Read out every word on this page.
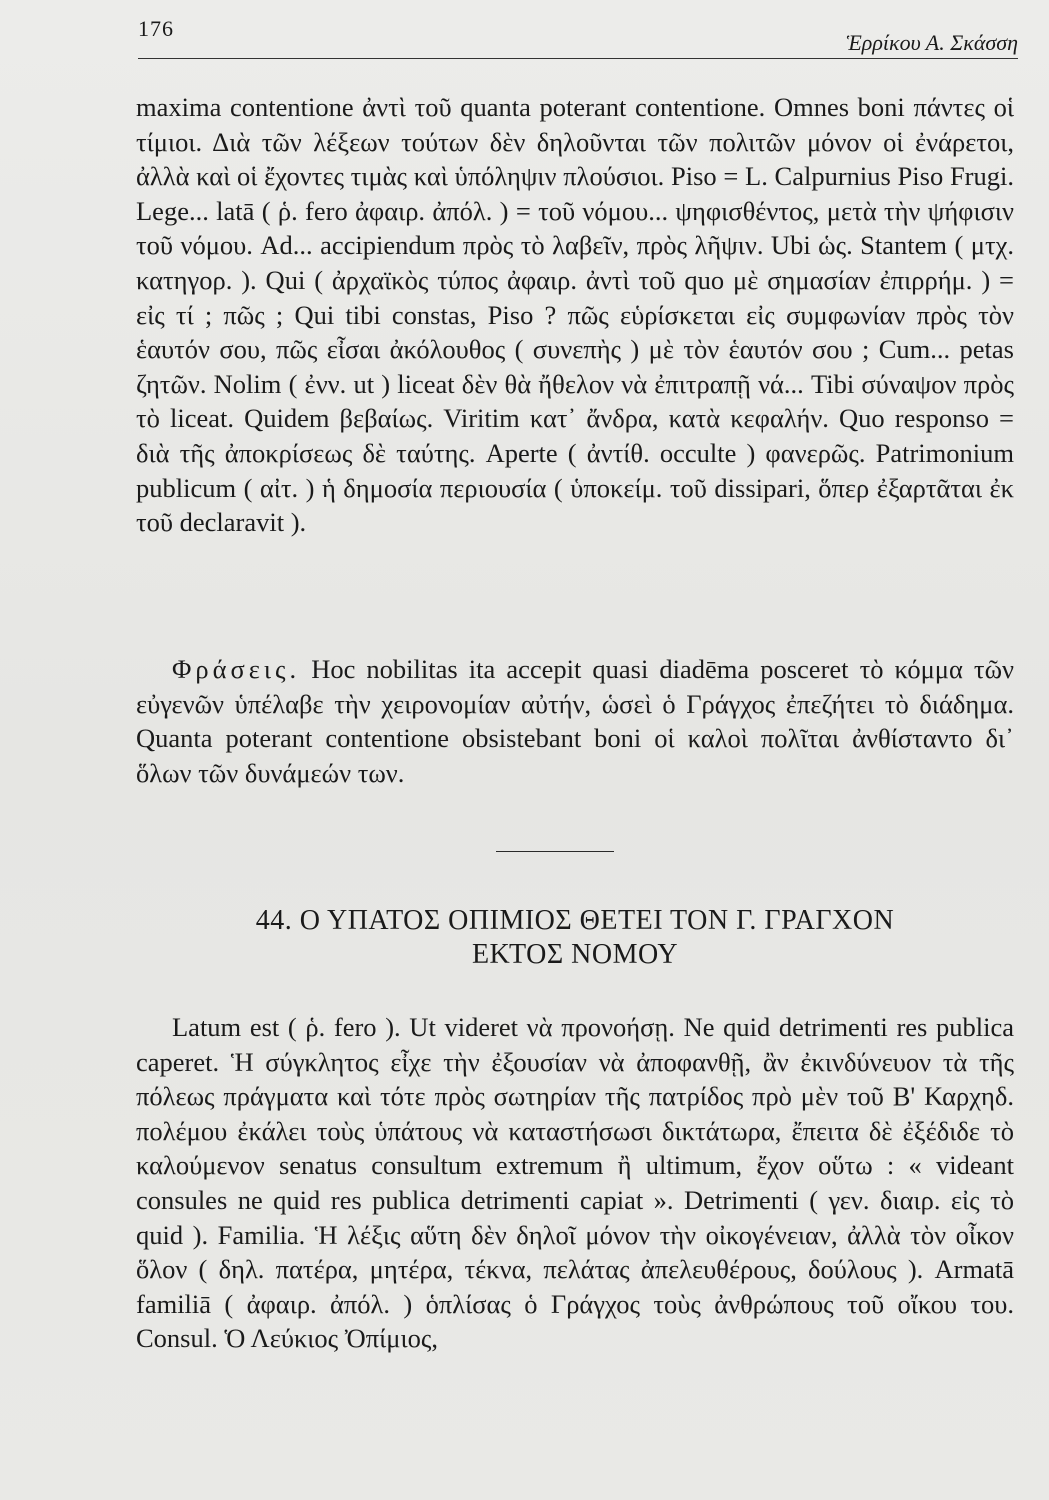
176
Ἑρρίκου Α. Σκάσση

maxima contentione ἀντὶ τοῦ quanta poterant contentione. Omnes boni πάντες οἱ τίμιοι. Διὰ τῶν λέξεων τούτων δὲν δηλοῦνται τῶν πολιτῶν μόνον οἱ ἐνάρετοι, ἀλλὰ καὶ οἱ ἔχοντες τιμὰς καὶ ὑπόληψιν πλούσιοι. Piso = L. Calpurnius Piso Frugi. Lege... latā ( ῥ. fero ἀφαιρ. ἀπόλ. ) = τοῦ νόμου... ψηφισθέντος, μετὰ τὴν ψήφισιν τοῦ νόμου. Ad... accipiendum πρὸς τὸ λαβεῖν, πρὸς λῆψιν. Ubi ὡς. Stantem ( μτχ. κατηγορ. ). Qui ( ἀρχαϊκὸς τύπος ἀφαιρ. ἀντὶ τοῦ quo μὲ σημασίαν ἐπιρρήμ. ) = εἰς τί ; πῶς ; Qui tibi constas, Piso ? πῶς εὑρίσκεται εἰς συμφωνίαν πρὸς τὸν ἑαυτόν σου, πῶς εἶσαι ἀκόλουθος ( συνεπὴς ) μὲ τὸν ἑαυτόν σου ; Cum... petas ζητῶν. Nolim ( ἐνν. ut ) liceat δὲν θὰ ἤθελον νὰ ἐπιτραπῇ νά... Tibi σύναψον πρὸς τὸ liceat. Quidem βεβαίως. Viritim κατ᾽ ἄνδρα, κατὰ κεφαλήν. Quo responso = διὰ τῆς ἀποκρίσεως δὲ ταύτης. Aperte ( ἀντίθ. occulte ) φανερῶς. Patrimonium publicum ( αἰτ. ) ἡ δημοσία περιουσία ( ὑποκείμ. τοῦ dissipari, ὅπερ ἐξαρτᾶται ἐκ τοῦ declaravit ).

Φράσεις. Hoc nobilitas ita accepit quasi diadēma posceret τὸ κόμμα τῶν εὐγενῶν ὑπέλαβε τὴν χειρονομίαν αὐτήν, ὡσεὶ ὁ Γράγχος ἐπεζήτει τὸ διάδημα. Quanta poterant contentione obsistebant boni οἱ καλοὶ πολῖται ἀνθίσταντο δι᾽ ὅλων τῶν δυνάμεών των.

44. Ο ΥΠΑΤΟΣ ΟΠΙΜΙΟΣ ΘΕΤΕΙ ΤΟΝ Γ. ΓΡΑΓΧΟΝ
ΕΚΤΟΣ ΝΟΜΟΥ

Latum est ( ῥ. fero ). Ut videret νὰ προνοήσῃ. Ne quid detrimenti res publica caperet. Ἡ σύγκλητος εἶχε τὴν ἐξουσίαν νὰ ἀποφανθῇ, ἂν ἐκινδύνευον τὰ τῆς πόλεως πράγματα καὶ τότε πρὸς σωτηρίαν τῆς πατρίδος πρὸ μὲν τοῦ Β' Καρχηδ. πολέμου ἐκάλει τοὺς ὑπάτους νὰ καταστήσωσι δικτάτωρα, ἔπειτα δὲ ἐξέδιδε τὸ καλούμενον senatus consultum extremum ἢ ultimum, ἔχον οὕτω : « videant consules ne quid res publica detrimenti capiat ». Detrimenti ( γεν. διαιρ. εἰς τὸ quid ). Familia. Ἡ λέξις αὕτη δὲν δηλοῖ μόνον τὴν οἰκογένειαν, ἀλλὰ τὸν οἶκον ὅλον ( δηλ. πατέρα, μητέρα, τέκνα, πελάτας ἀπελευθέρους, δούλους ). Armatā familiā ( ἀφαιρ. ἀπόλ. ) ὁπλίσας ὁ Γράγχος τοὺς ἀνθρώπους τοῦ οἴκου του. Consul. Ὁ Λεύκιος Ὀπίμιος,
